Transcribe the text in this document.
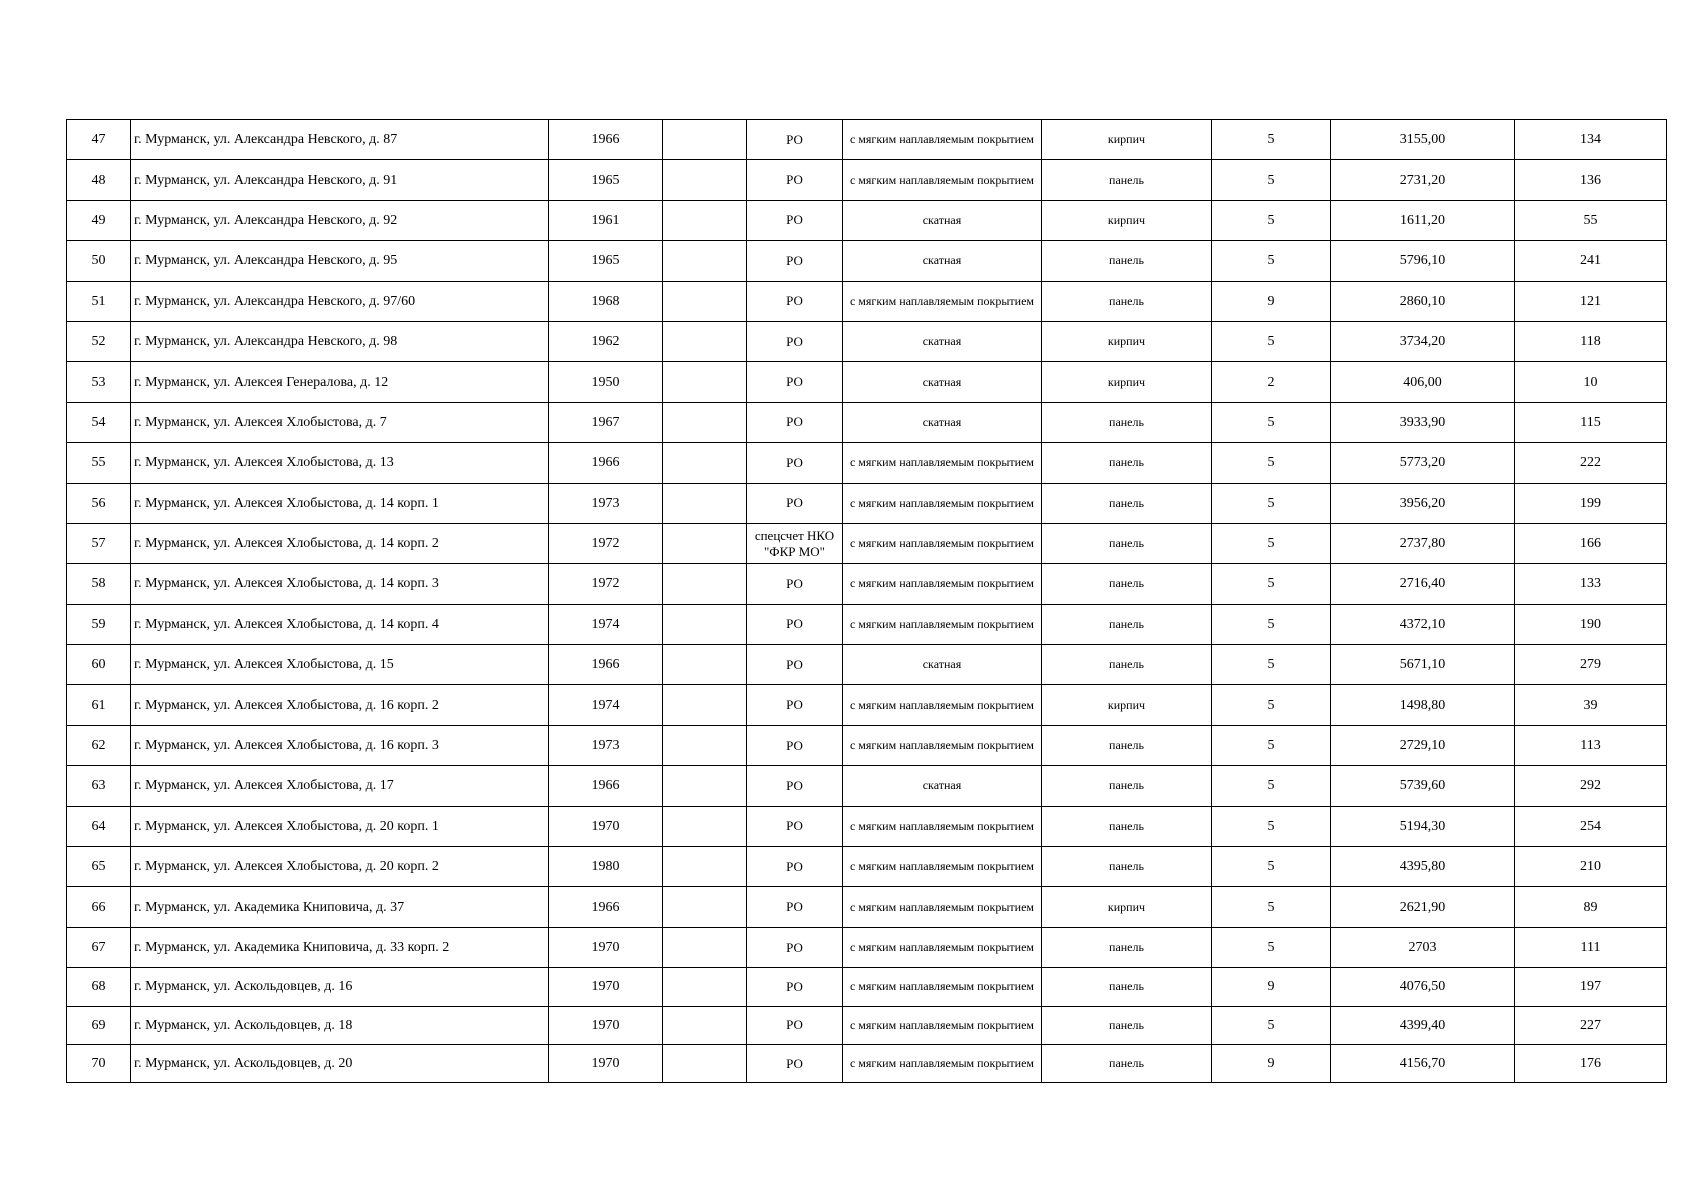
47	г. Мурманск, ул. Александра Невского, д. 87	1966		РО	с мягким наплавляемым покрытием	кирпич	5	3155,00	134
48	г. Мурманск, ул. Александра Невского, д. 91	1965		РО	с мягким наплавляемым покрытием	панель	5	2731,20	136
49	г. Мурманск, ул. Александра Невского, д. 92	1961		РО	скатная	кирпич	5	1611,20	55
50	г. Мурманск, ул. Александра Невского, д. 95	1965		РО	скатная	панель	5	5796,10	241
51	г. Мурманск, ул. Александра Невского, д. 97/60	1968		РО	с мягким наплавляемым покрытием	панель	9	2860,10	121
52	г. Мурманск, ул. Александра Невского, д. 98	1962		РО	скатная	кирпич	5	3734,20	118
53	г. Мурманск, ул. Алексея Генералова, д. 12	1950		РО	скатная	кирпич	2	406,00	10
54	г. Мурманск, ул. Алексея Хлобыстова, д. 7	1967		РО	скатная	панель	5	3933,90	115
55	г. Мурманск, ул. Алексея Хлобыстова, д. 13	1966		РО	с мягким наплавляемым покрытием	панель	5	5773,20	222
56	г. Мурманск, ул. Алексея Хлобыстова, д. 14 корп. 1	1973		РО	с мягким наплавляемым покрытием	панель	5	3956,20	199
57	г. Мурманск, ул. Алексея Хлобыстова, д. 14 корп. 2	1972		спецсчет НКО "ФКР МО"	с мягким наплавляемым покрытием	панель	5	2737,80	166
58	г. Мурманск, ул. Алексея Хлобыстова, д. 14 корп. 3	1972		РО	с мягким наплавляемым покрытием	панель	5	2716,40	133
59	г. Мурманск, ул. Алексея Хлобыстова, д. 14 корп. 4	1974		РО	с мягким наплавляемым покрытием	панель	5	4372,10	190
60	г. Мурманск, ул. Алексея Хлобыстова, д. 15	1966		РО	скатная	панель	5	5671,10	279
61	г. Мурманск, ул. Алексея Хлобыстова, д. 16 корп. 2	1974		РО	с мягким наплавляемым покрытием	кирпич	5	1498,80	39
62	г. Мурманск, ул. Алексея Хлобыстова, д. 16 корп. 3	1973		РО	с мягким наплавляемым покрытием	панель	5	2729,10	113
63	г. Мурманск, ул. Алексея Хлобыстова, д. 17	1966		РО	скатная	панель	5	5739,60	292
64	г. Мурманск, ул. Алексея Хлобыстова, д. 20 корп. 1	1970		РО	с мягким наплавляемым покрытием	панель	5	5194,30	254
65	г. Мурманск, ул. Алексея Хлобыстова, д. 20 корп. 2	1980		РО	с мягким наплавляемым покрытием	панель	5	4395,80	210
66	г. Мурманск, ул. Академика Книповича, д. 37	1966		РО	с мягким наплавляемым покрытием	кирпич	5	2621,90	89
67	г. Мурманск, ул. Академика Книповича, д. 33 корп. 2	1970		РО	с мягким наплавляемым покрытием	панель	5	2703	111
68	г. Мурманск, ул. Аскольдовцев, д. 16	1970		РО	с мягким наплавляемым покрытием	панель	9	4076,50	197
69	г. Мурманск, ул. Аскольдовцев, д. 18	1970		РО	с мягким наплавляемым покрытием	панель	5	4399,40	227
70	г. Мурманск, ул. Аскольдовцев, д. 20	1970		РО	с мягким наплавляемым покрытием	панель	9	4156,70	176
